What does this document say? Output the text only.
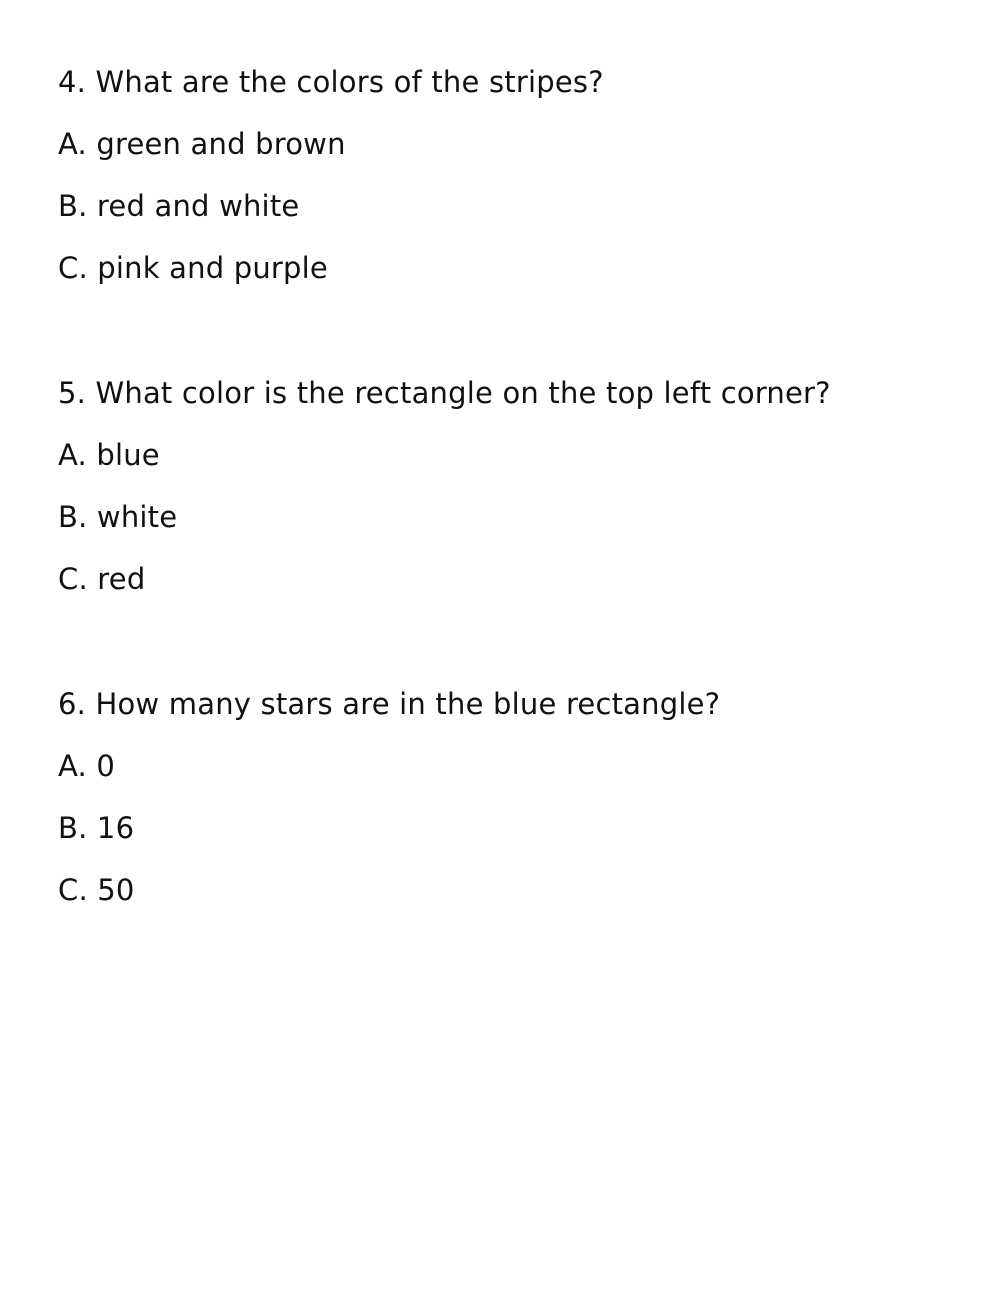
4. What are the colors of the stripes?
A. green and brown
B. red and white
C. pink and purple
5. What color is the rectangle on the top left corner?
A. blue
B. white
C. red
6. How many stars are in the blue rectangle?
A. 0
B. 16
C. 50
